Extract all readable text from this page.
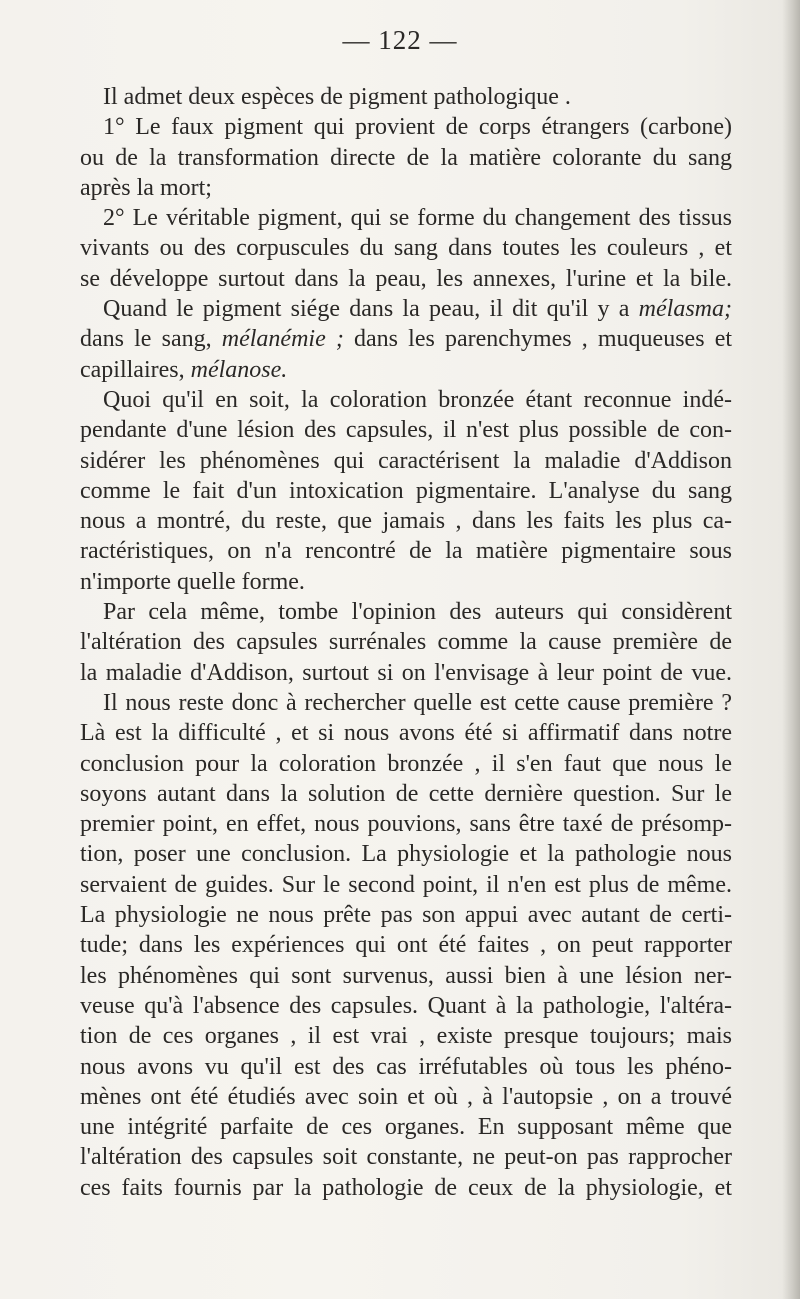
— 122 —
Il admet deux espèces de pigment pathologique .
1° Le faux pigment qui provient de corps étrangers (carbone)
ou de la transformation directe de la matière colorante du sang
après la mort;
2° Le véritable pigment, qui se forme du changement des tissus
vivants ou des corpuscules du sang dans toutes les couleurs , et
se développe surtout dans la peau, les annexes, l'urine et la bile.
Quand le pigment siége dans la peau, il dit qu'il y a mélasma;
dans le sang, mélanémie ; dans les parenchymes , muqueuses et
capillaires, mélanose.
Quoi qu'il en soit, la coloration bronzée étant reconnue indé-
pendante d'une lésion des capsules, il n'est plus possible de con-
sidérer les phénomènes qui caractérisent la maladie d'Addison
comme le fait d'un intoxication pigmentaire. L'analyse du sang
nous a montré, du reste, que jamais , dans les faits les plus ca-
ractéristiques, on n'a rencontré de la matière pigmentaire sous
n'importe quelle forme.
Par cela même, tombe l'opinion des auteurs qui considèrent
l'altération des capsules surrénales comme la cause première de
la maladie d'Addison, surtout si on l'envisage à leur point de vue.
Il nous reste donc à rechercher quelle est cette cause première ?
Là est la difficulté , et si nous avons été si affirmatif dans notre
conclusion pour la coloration bronzée , il s'en faut que nous le
soyons autant dans la solution de cette dernière question. Sur le
premier point, en effet, nous pouvions, sans être taxé de présomp-
tion, poser une conclusion. La physiologie et la pathologie nous
servaient de guides. Sur le second point, il n'en est plus de même.
La physiologie ne nous prête pas son appui avec autant de certi-
tude; dans les expériences qui ont été faites , on peut rapporter
les phénomènes qui sont survenus, aussi bien à une lésion ner-
veuse qu'à l'absence des capsules. Quant à la pathologie, l'altéra-
tion de ces organes , il est vrai , existe presque toujours; mais
nous avons vu qu'il est des cas irréfutables où tous les phéno-
mènes ont été étudiés avec soin et où , à l'autopsie , on a trouvé
une intégrité parfaite de ces organes. En supposant même que
l'altération des capsules soit constante, ne peut-on pas rapprocher
ces faits fournis par la pathologie de ceux de la physiologie, et
